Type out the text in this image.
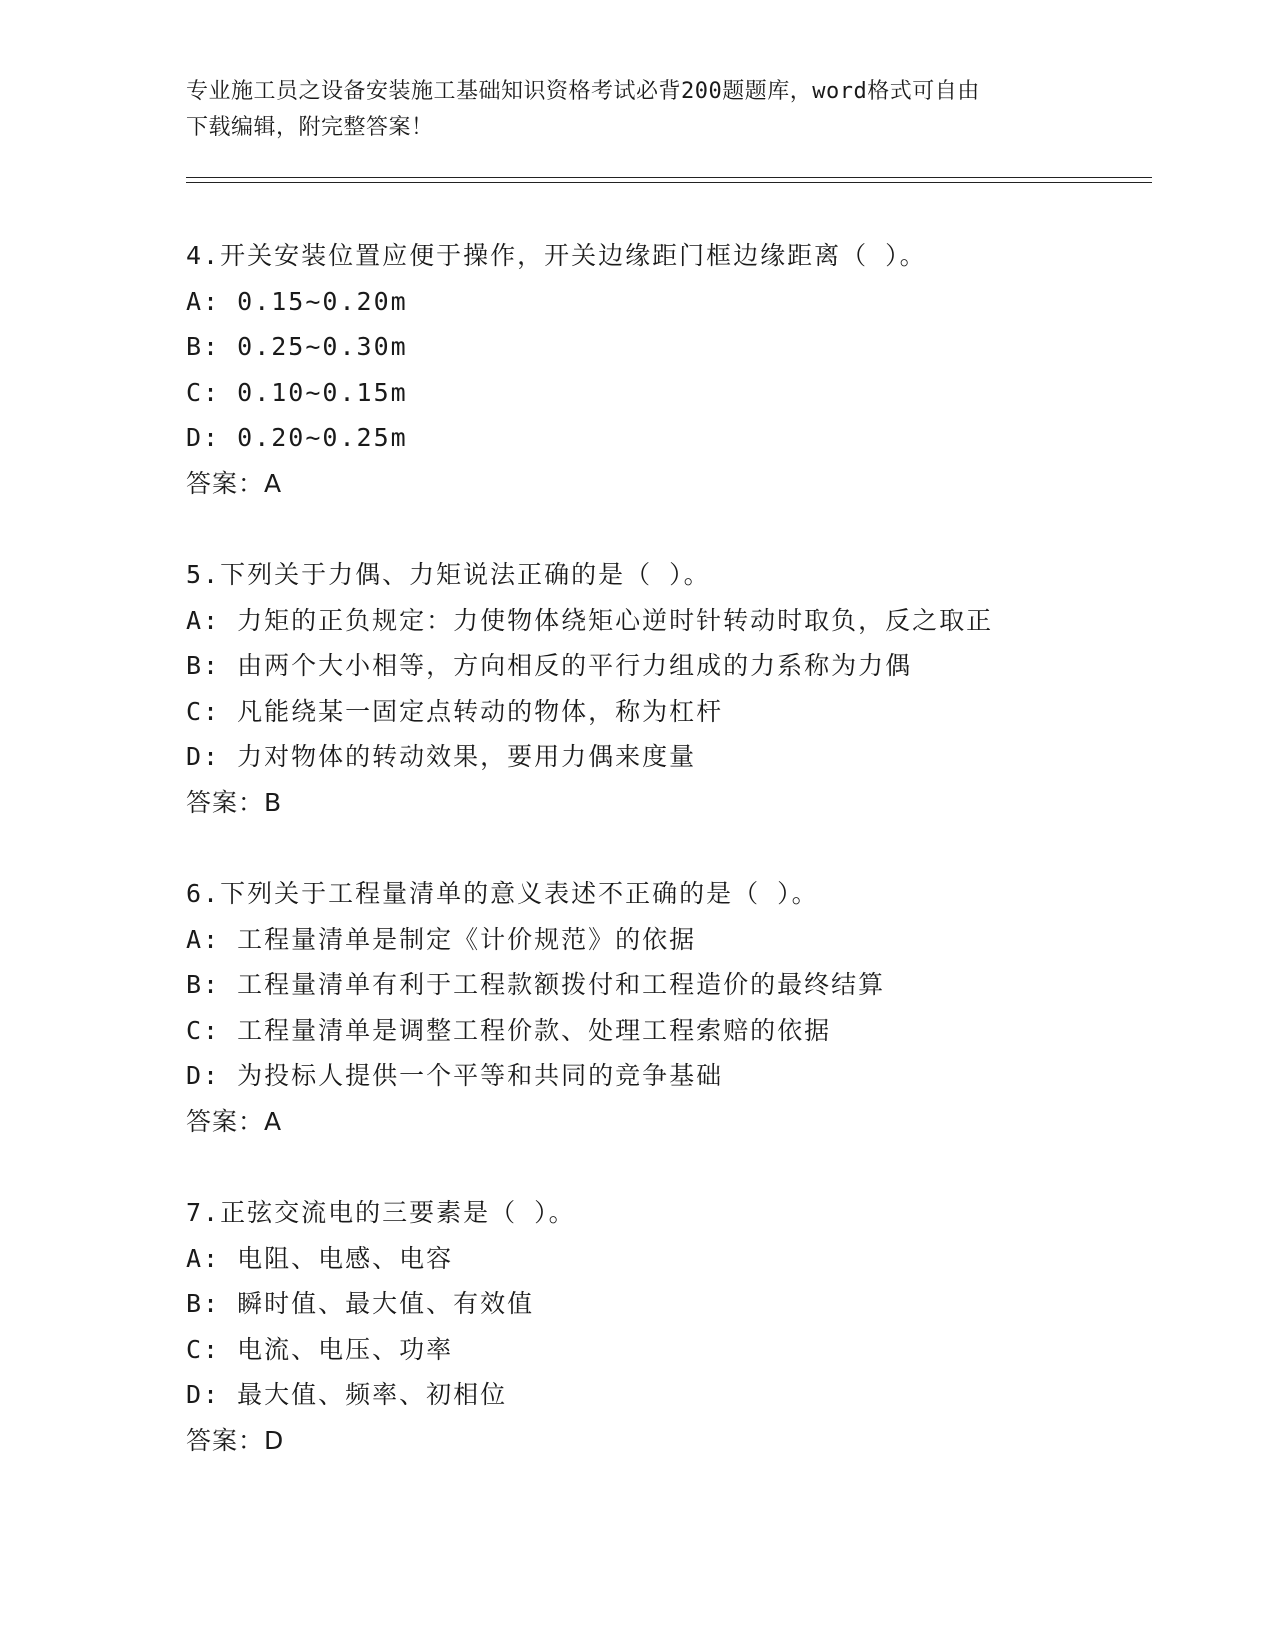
专业施工员之设备安装施工基础知识资格考试必背200题题库，word格式可自由
下载编辑，附完整答案！
4.开关安装位置应便于操作，开关边缘距门框边缘距离（ ）。
A: 0.15~0.20m
B: 0.25~0.30m
C: 0.10~0.15m
D: 0.20~0.25m
答案：A
5.下列关于力偶、力矩说法正确的是（ ）。
A: 力矩的正负规定：力使物体绕矩心逆时针转动时取负，反之取正
B: 由两个大小相等，方向相反的平行力组成的力系称为力偶
C: 凡能绕某一固定点转动的物体，称为杠杆
D: 力对物体的转动效果，要用力偶来度量
答案：B
6.下列关于工程量清单的意义表述不正确的是（ ）。
A: 工程量清单是制定《计价规范》的依据
B: 工程量清单有利于工程款额拨付和工程造价的最终结算
C: 工程量清单是调整工程价款、处理工程索赔的依据
D: 为投标人提供一个平等和共同的竞争基础
答案：A
7.正弦交流电的三要素是（ ）。
A: 电阻、电感、电容
B: 瞬时值、最大值、有效值
C: 电流、电压、功率
D: 最大值、频率、初相位
答案：D
